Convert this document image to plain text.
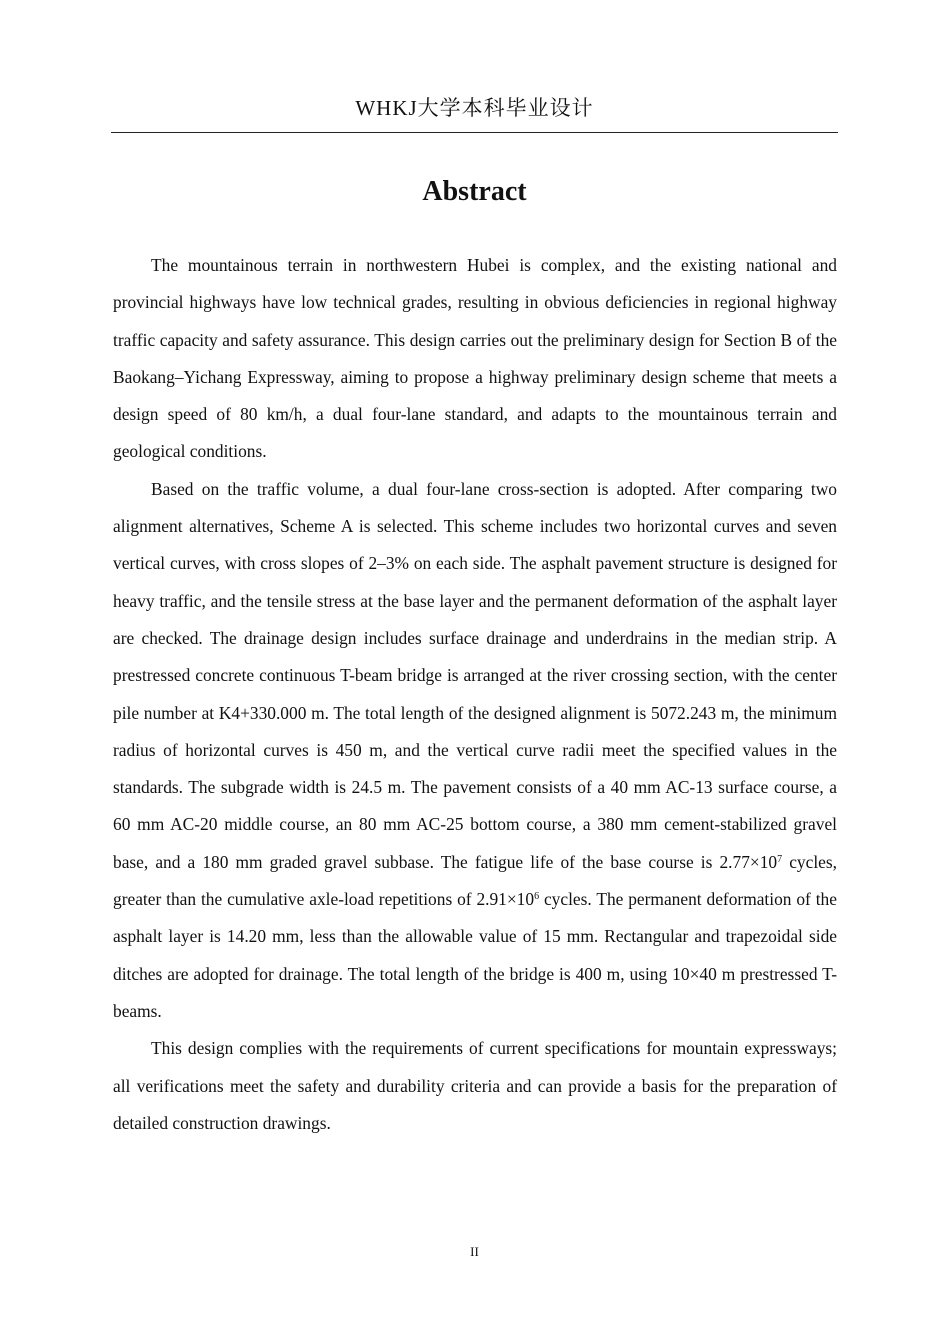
WHKJ大学本科毕业设计
Abstract

The mountainous terrain in northwestern Hubei is complex, and the existing national and provincial highways have low technical grades, resulting in obvious deficiencies in regional highway traffic capacity and safety assurance. This design carries out the preliminary design for Section B of the Baokang–Yichang Expressway, aiming to propose a highway preliminary design scheme that meets a design speed of 80 km/h, a dual four-lane standard, and adapts to the mountainous terrain and geological conditions.

Based on the traffic volume, a dual four-lane cross-section is adopted. After comparing two alignment alternatives, Scheme A is selected. This scheme includes two horizontal curves and seven vertical curves, with cross slopes of 2–3% on each side. The asphalt pavement structure is designed for heavy traffic, and the tensile stress at the base layer and the permanent deformation of the asphalt layer are checked. The drainage design includes surface drainage and underdrains in the median strip. A prestressed concrete continuous T-beam bridge is arranged at the river crossing section, with the center pile number at K4+330.000 m. The total length of the designed alignment is 5072.243 m, the minimum radius of horizontal curves is 450 m, and the vertical curve radii meet the specified values in the standards. The subgrade width is 24.5 m. The pavement consists of a 40 mm AC-13 surface course, a 60 mm AC-20 middle course, an 80 mm AC-25 bottom course, a 380 mm cement-stabilized gravel base, and a 180 mm graded gravel subbase. The fatigue life of the base course is $2.77\times 10^7$ cycles, greater than the cumulative axle-load repetitions of $2.91\times 10^6$ cycles. The permanent deformation of the asphalt layer is 14.20 mm, less than the allowable value of 15 mm. Rectangular and trapezoidal side ditches are adopted for drainage. The total length of the bridge is 400 m, using 10×40 m prestressed T-beams.

This design complies with the requirements of current specifications for mountain expressways; all verifications meet the safety and durability criteria and can provide a basis for the preparation of detailed construction drawings.

II
